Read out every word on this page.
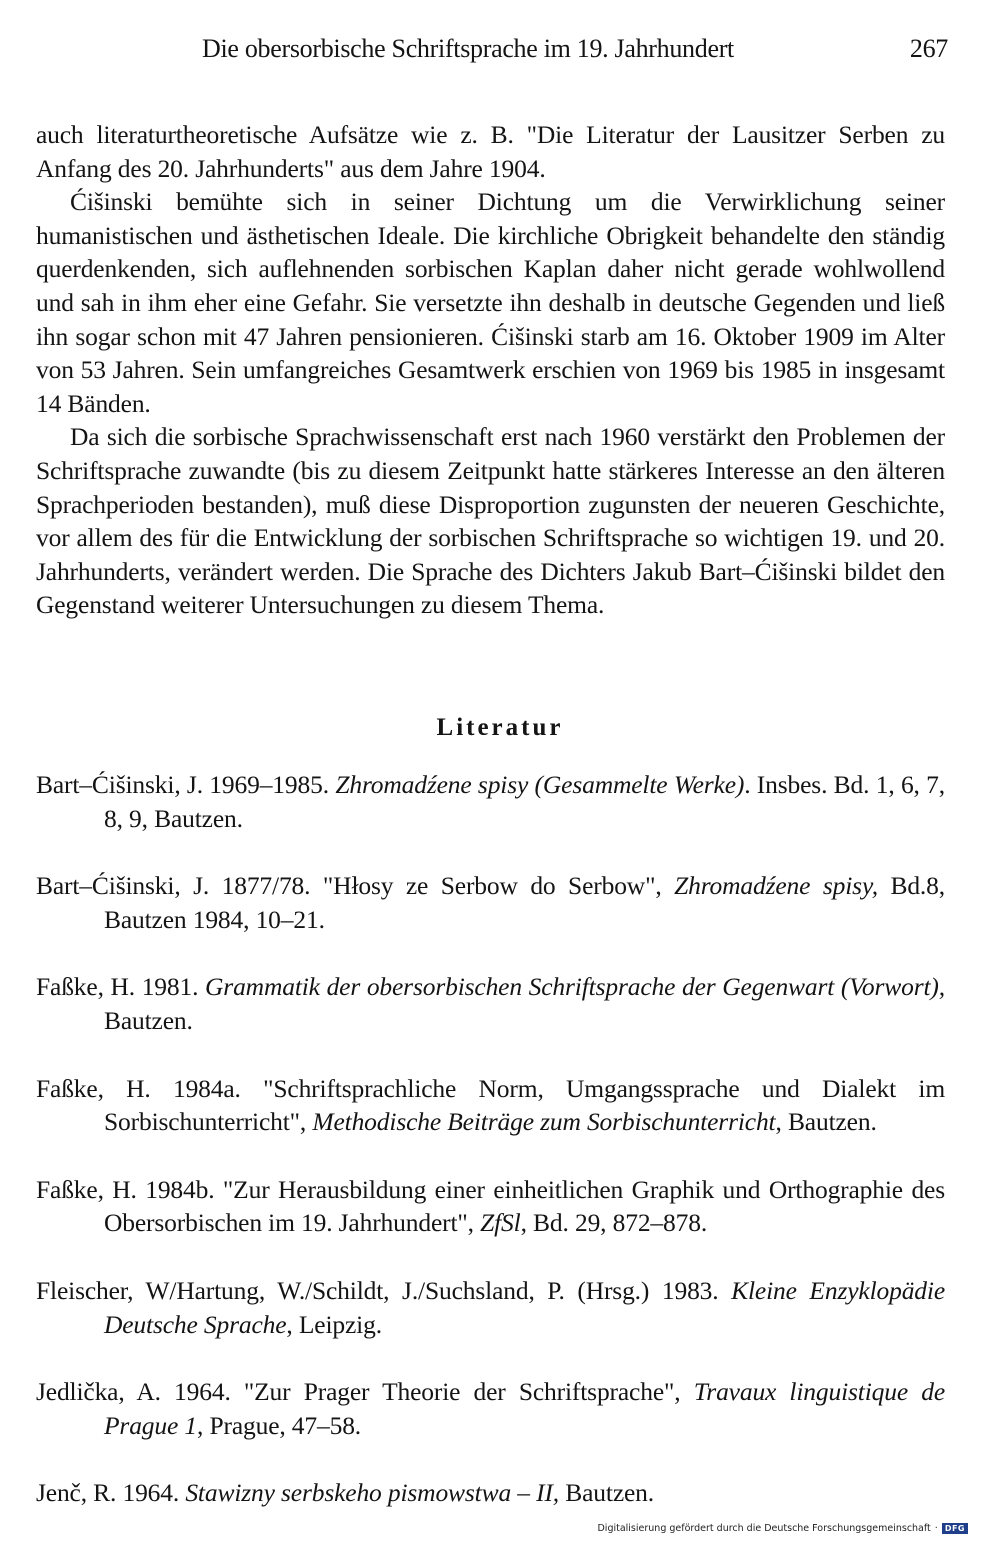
Die obersorbische Schriftsprache im 19. Jahrhundert	267

auch literaturtheoretische Aufsätze wie z. B. "Die Literatur der Lausitzer Serben zu Anfang des 20. Jahrhunderts" aus dem Jahre 1904.

Ćišinski bemühte sich in seiner Dichtung um die Verwirklichung seiner humanistischen und ästhetischen Ideale. Die kirchliche Obrigkeit behandelte den ständig querdenkenden, sich auflehnenden sorbischen Kaplan daher nicht gerade wohlwollend und sah in ihm eher eine Gefahr. Sie versetzte ihn deshalb in deutsche Gegenden und ließ ihn sogar schon mit 47 Jahren pensionieren. Ćišinski starb am 16. Oktober 1909 im Alter von 53 Jahren. Sein umfangreiches Gesamtwerk erschien von 1969 bis 1985 in insgesamt 14 Bänden.

Da sich die sorbische Sprachwissenschaft erst nach 1960 verstärkt den Problemen der Schriftsprache zuwandte (bis zu diesem Zeitpunkt hatte stärkeres Interesse an den älteren Sprachperioden bestanden), muß diese Disproportion zugunsten der neueren Geschichte, vor allem des für die Entwicklung der sorbischen Schriftsprache so wichtigen 19. und 20. Jahrhunderts, verändert werden. Die Sprache des Dichters Jakub Bart–Ćišinski bildet den Gegenstand weiterer Untersuchungen zu diesem Thema.

Literatur

Bart–Ćišinski, J. 1969–1985. Zhromadźene spisy (Gesammelte Werke). Insbes. Bd. 1, 6, 7, 8, 9, Bautzen.

Bart–Ćišinski, J. 1877/78. "Hłosy ze Serbow do Serbow", Zhromadźene spisy, Bd.8, Bautzen 1984, 10–21.

Faßke, H. 1981. Grammatik der obersorbischen Schriftsprache der Gegenwart (Vorwort), Bautzen.

Faßke, H. 1984a. "Schriftsprachliche Norm, Umgangssprache und Dialekt im Sorbischunterricht", Methodische Beiträge zum Sorbischunterricht, Bautzen.

Faßke, H. 1984b. "Zur Herausbildung einer einheitlichen Graphik und Orthographie des Obersorbischen im 19. Jahrhundert", ZfSl, Bd. 29, 872–878.

Fleischer, W/Hartung, W./Schildt, J./Suchsland, P. (Hrsg.) 1983. Kleine Enzyklopädie Deutsche Sprache, Leipzig.

Jedlička, A. 1964. "Zur Prager Theorie der Schriftsprache", Travaux linguistique de Prague 1, Prague, 47–58.

Jenč, R. 1964. Stawizny serbskeho pismowstwa – II, Bautzen.

Digitalisierung gefördert durch die Deutsche Forschungsgemeinschaft · DFG
